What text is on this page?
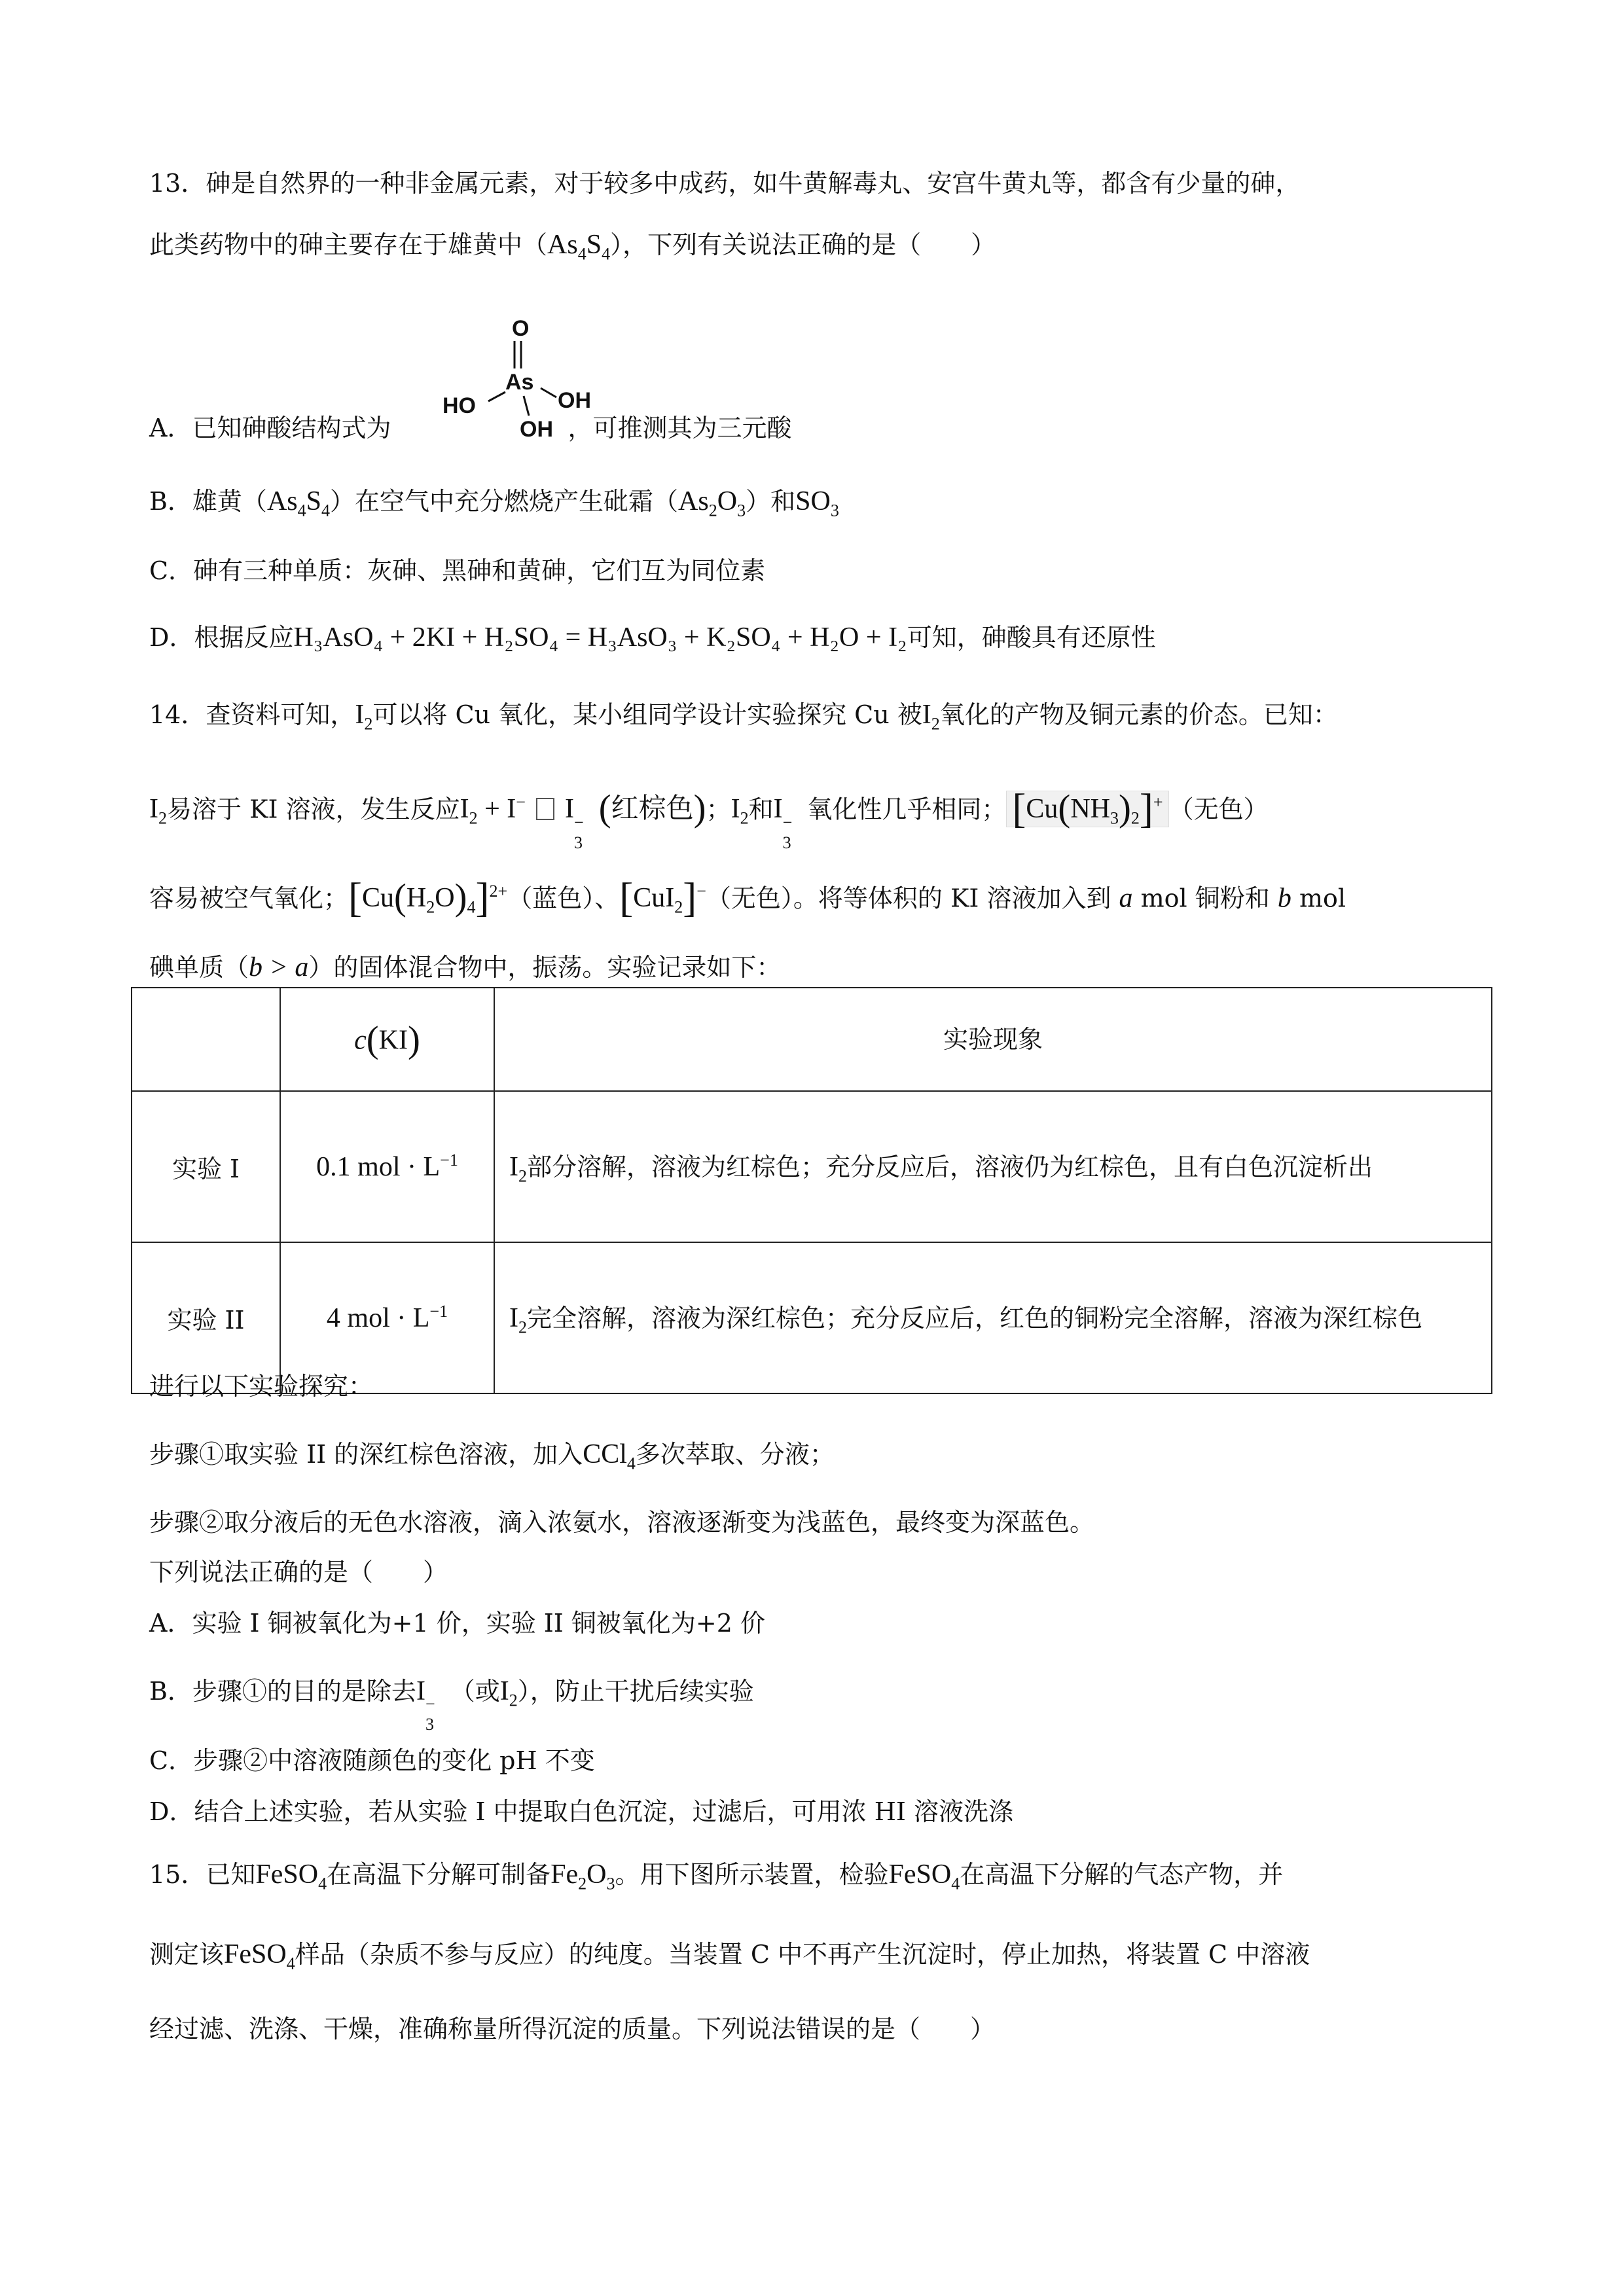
13．砷是自然界的一种非金属元素，对于较多中成药，如牛黄解毒丸、安宫牛黄丸等，都含有少量的砷，
此类药物中的砷主要存在于雄黄中$(As_4S_4)$，下列有关说法正确的是（　　）
O
As
OH
HO
OH
A．已知砷酸结构式为	，可推测其为三元酸
B．雄黄$(As_4S_4)$在空气中充分燃烧产生砒霜$(As_2O_3)$和$SO_3$
C．砷有三种单质：灰砷、黑砷和黄砷，它们互为同位素
D．根据反应H₃AsO₄ + 2KI + H₂SO₄ = H₃AsO₃ + K₂SO₄ + H₂O + I₂可知，砷酸具有还原性
14．查资料可知，$I_2$可以将 Cu 氧化，某小组同学设计实验探究 Cu 被$I_2$氧化的产物及铜元素的价态。已知：
$I_2$易溶于 KI 溶液，发生反应$I_2 + I^-$ I −
3
(红棕色)；$I_2$和I −
3
氧化性几乎相同； $[Cu(NH_3)_2]^+$ （无色）
容易被空气氧化；$[Cu(H_2O)_4]^{2+}$（蓝色）、[CuI$_2$]−（无色）。将等体积的 KI 溶液加入到 a mol 铜粉和 b mol
碘单质（b > a）的固体混合物中，振荡。实验记录如下：
	c(KI)	实验现象
实验 I	0.1 mol · $L^{-1}$	$I_2$部分溶解，溶液为红棕色；充分反应后，溶液仍为红棕色，且有白色沉淀析出
实验 II	4 mol · $L^{-1}$	$I_2$完全溶解，溶液为深红棕色；充分反应后，红色的铜粉完全溶解，溶液为深红棕色
进行以下实验探究：
步骤①取实验 II 的深红棕色溶液，加入CCl$_4$多次萃取、分液；
步骤②取分液后的无色水溶液，滴入浓氨水，溶液逐渐变为浅蓝色，最终变为深蓝色。
下列说法正确的是（　　）
A．实验 I 铜被氧化为+1 价，实验 II 铜被氧化为+2 价
B．步骤①的目的是除去I −
3
（或$I_2$），防止干扰后续实验
C．步骤②中溶液随颜色的变化 pH 不变
D．结合上述实验，若从实验 I 中提取白色沉淀，过滤后，可用浓 HI 溶液洗涤
15．已知FeSO$_4$在高温下分解可制备$Fe_2O_3$。用下图所示装置，检验FeSO$_4$在高温下分解的气态产物，并
测定该FeSO$_4$样品（杂质不参与反应）的纯度。当装置 C 中不再产生沉淀时，停止加热，将装置 C 中溶液
经过滤、洗涤、干燥，准确称量所得沉淀的质量。下列说法错误的是（　　）
